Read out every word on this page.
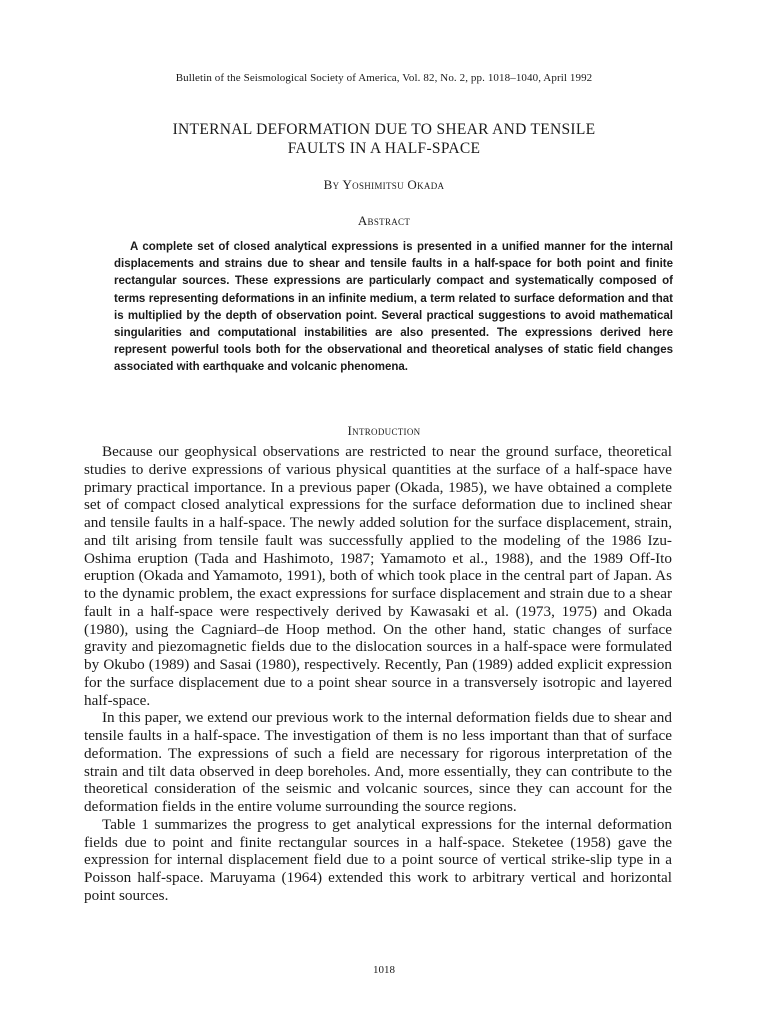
Bulletin of the Seismological Society of America, Vol. 82, No. 2, pp. 1018–1040, April 1992
INTERNAL DEFORMATION DUE TO SHEAR AND TENSILE
FAULTS IN A HALF-SPACE
By Yoshimitsu Okada
Abstract

A complete set of closed analytical expressions is presented in a unified manner for the internal displacements and strains due to shear and tensile faults in a half-space for both point and finite rectangular sources. These expressions are particularly compact and systematically composed of terms representing deformations in an infinite medium, a term related to surface deformation and that is multiplied by the depth of observation point. Several practical suggestions to avoid mathematical singularities and computational instabilities are also presented. The expressions derived here represent powerful tools both for the observational and theoretical analyses of static field changes associated with earthquake and volcanic phenomena.

Introduction

Because our geophysical observations are restricted to near the ground surface, theoretical studies to derive expressions of various physical quantities at the surface of a half-space have primary practical importance. In a previous paper (Okada, 1985), we have obtained a complete set of compact closed analytical expressions for the surface deformation due to inclined shear and tensile faults in a half-space. The newly added solution for the surface displacement, strain, and tilt arising from tensile fault was successfully applied to the modeling of the 1986 Izu-Oshima eruption (Tada and Hashimoto, 1987; Yamamoto et al., 1988), and the 1989 Off-Ito eruption (Okada and Yamamoto, 1991), both of which took place in the central part of Japan. As to the dynamic problem, the exact expressions for surface displacement and strain due to a shear fault in a half-space were respectively derived by Kawasaki et al. (1973, 1975) and Okada (1980), using the Cagniard–de Hoop method. On the other hand, static changes of surface gravity and piezomagnetic fields due to the dislocation sources in a half-space were formulated by Okubo (1989) and Sasai (1980), respectively. Recently, Pan (1989) added explicit expression for the surface displacement due to a point shear source in a transversely isotropic and layered half-space.

In this paper, we extend our previous work to the internal deformation fields due to shear and tensile faults in a half-space. The investigation of them is no less important than that of surface deformation. The expressions of such a field are necessary for rigorous interpretation of the strain and tilt data observed in deep boreholes. And, more essentially, they can contribute to the theoretical consideration of the seismic and volcanic sources, since they can account for the deformation fields in the entire volume surrounding the source regions.

Table 1 summarizes the progress to get analytical expressions for the internal deformation fields due to point and finite rectangular sources in a half-space. Steketee (1958) gave the expression for internal displacement field due to a point source of vertical strike-slip type in a Poisson half-space. Maruyama (1964) extended this work to arbitrary vertical and horizontal point sources.

1018
